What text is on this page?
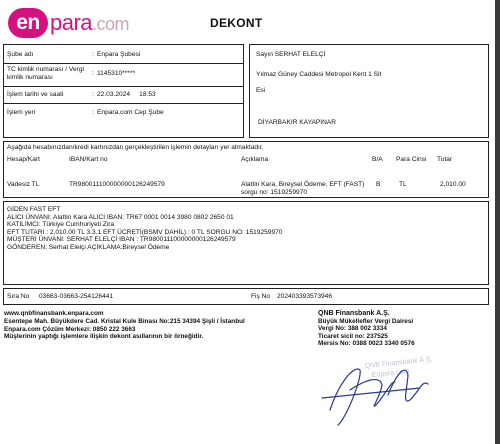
en para.com	DEKONT
Şube adı	: Enpara Şubesi
TC kimlik numarası / Vergi kimlik numarası
: 1145310*****
İşlem tarihi ve saati	: 22.03.2024     18:53
İşlem yeri	: Enpara.com Cep Şube
Sayın SERHAT ELELÇİ
Yılmaz Güney Caddesi Metropol Kent 1 Sit
Esi
DİYARBAKIR KAYAPINAR
Aşağıda hesabınızdan/kredi kartınızdan gerçekleştirilen işlemin detayları yer almaktadır.
Hesap/Kart	IBAN/Kart no	Açıklama	B/A Para Cinsi Tutar
Vadesiz TL	TR980011100000000126249579	Alattin Kara, Bireysel Ödeme, EFT (FAST)
sorgu no: 1519259970
B	TL	2,010.00
GİDEN FAST EFT
ALICI ÜNVANI: Alattin Kara ALICI IBAN: TR67 0001 0014 3980 0802 2650 01
KATILIMCI: Türkiye Cumhuriyeti Zira
EFT TUTARI : 2,010.00 TL 3.3.1 EFT ÜCRETİ(BSMV DAHİL) : 0 TL SORGU NO: 1519259970
MÜŞTERİ ÜNVANI: SERHAT ELELÇİ IBAN : TR980011100000000126249579
GÖNDEREN: Serhat Elelçi AÇIKLAMA:Bireysel Ödeme
Sıra No 03663-03663-254126441	Fiş No 202403393573946
www.qnbfinansbank.enpara.com
Esentepe Mah. Büyükdere Cad. Kristal Kule Binası No:215 34394 Şişli / İstanbul
Enpara.com Çözüm Merkezi: 0850 222 3663
Müşterinin yaptığı işlemlere ilişkin dekont asıllarının bir örneğidir.
QNB Finansbank A.Ş.
Büyük Mükellefler Vergi Dairesi
Vergi No: 388 002 3334
Ticaret sicil no: 237525
Mersis No: 0388 0023 3340 0576
QNB Finansbank A.Ş.
Enpara.com
